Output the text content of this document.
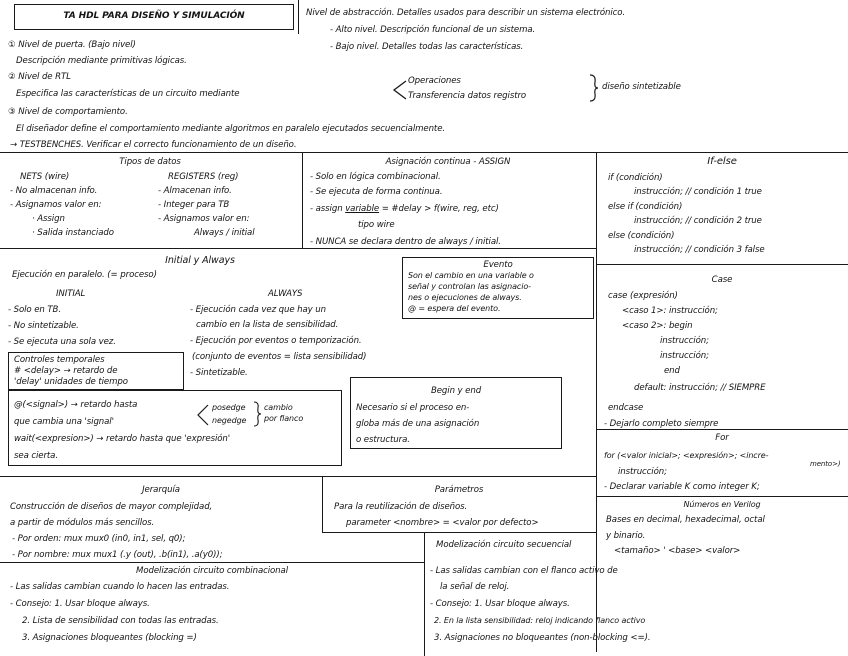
TA HDL PARA DISEÑO Y SIMULACIÓN	Nivel de abstracción. Detalles usados para describir un sistema electrónico.
- Alto nivel. Descripción funcional de un sistema.
- Bajo nivel. Detalles todas las características.
① Nivel de puerta. (Bajo nivel)
Descripción mediante primitivas lógicas.
② Nivel de RTL
Especifica las características de un circuito mediante
Operaciones
Transferencia datos registro
diseño sintetizable
③ Nivel de comportamiento.
El diseñador define el comportamiento mediante algoritmos en paralelo ejecutados secuencialmente.
→ TESTBENCHES. Verificar el correcto funcionamiento de un diseño.
Tipos de datos
NETS (wire)	REGISTERS (reg)
- No almacenan info.
- Asignamos valor en:
· Assign
· Salida instanciado
- Almacenan info.
- Integer para TB
- Asignamos valor en:
Always / initial
Asignación continua - ASSIGN
- Solo en lógica combinacional.
- Se ejecuta de forma continua.
- assign variable = #delay > f(wire, reg, etc)
tipo wire
- NUNCA se declara dentro de always / initial.
If-else
if (condición)
instrucción; // condición 1 true
else if (condición)
instrucción; // condición 2 true
else (condición)
instrucción; // condición 3 false
Initial y Always
Ejecución en paralelo. (= proceso)
INITIAL	ALWAYS
- Solo en TB.
- No sintetizable.
- Se ejecuta una sola vez.
- Ejecución cada vez que hay un
cambio en la lista de sensibilidad.
- Ejecución por eventos o temporización.
(conjunto de eventos = lista sensibilidad)
- Sintetizable.
Evento
Son el cambio en una variable o
señal y controlan las asignacio-
nes o ejecuciones de always.
@ = espera del evento.
Controles temporales
# <delay> → retardo de
'delay' unidades de tiempo
@(<signal>) → retardo hasta
que cambia una 'signal'
posedge
negedge
cambio
por flanco
wait(<expresion>) → retardo hasta que 'expresión'
sea cierta.
Begin y end
Necesario si el proceso en-
globa más de una asignación
o estructura.
Case
case (expresión)
<caso 1>: instrucción;
<caso 2>: begin
instrucción;
instrucción;
end
default: instrucción; // SIEMPRE
endcase
- Dejarlo completo siempre
For
for (<valor inicial>; <expresión>; <incre-
mento>)
instrucción;
- Declarar variable K como integer K;
Jerarquía
Construcción de diseños de mayor complejidad,
a partir de módulos más sencillos.
- Por orden: mux mux0 (in0, in1, sel, q0);
- Por nombre: mux mux1 (.y (out), .b(in1), .a(y0));
Parámetros
Para la reutilización de diseños.
parameter <nombre> = <valor por defecto>
Números en Verilog
Bases en decimal, hexadecimal, octal
y binario.
<tamaño> ' <base> <valor>
Modelización circuito combinacional
- Las salidas cambian cuando lo hacen las entradas.
- Consejo: 1. Usar bloque always.
2. Lista de sensibilidad con todas las entradas.
3. Asignaciones bloqueantes (blocking =)
Modelización circuito secuencial
- Las salidas cambian con el flanco activo de
la señal de reloj.
- Consejo: 1. Usar bloque always.
2. En la lista sensibilidad: reloj indicando flanco activo
3. Asignaciones no bloqueantes (non-blocking <=).
